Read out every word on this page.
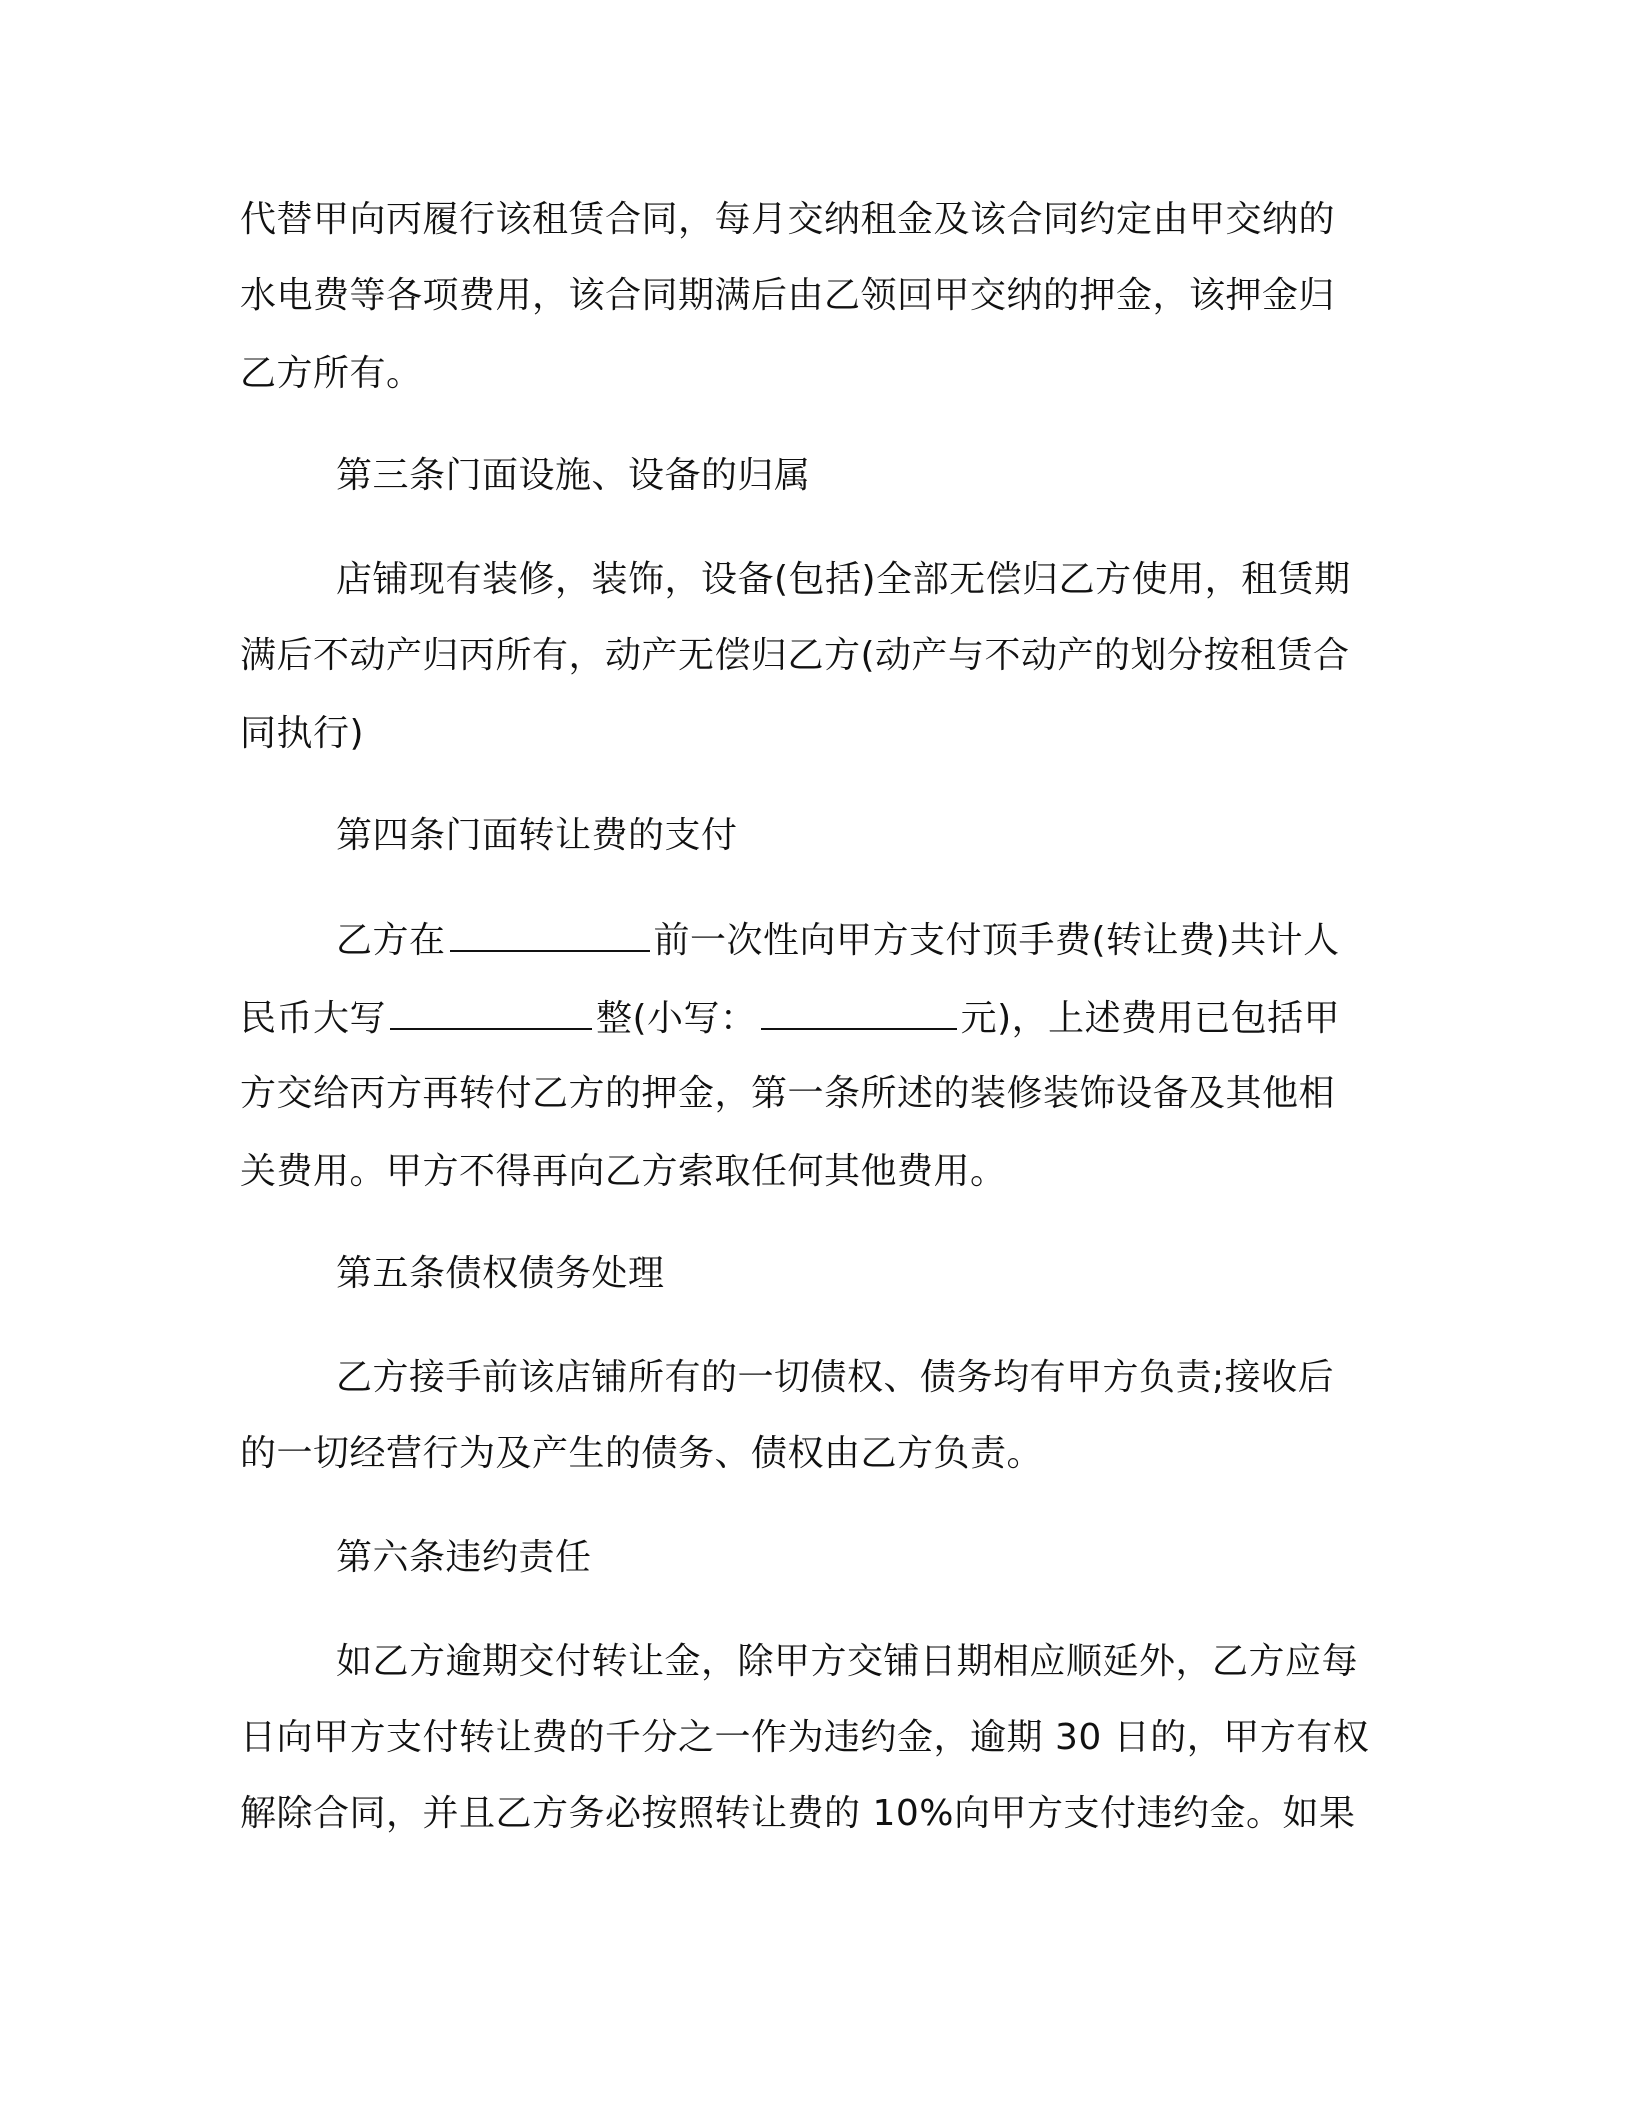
代替甲向丙履行该租赁合同，每月交纳租金及该合同约定由甲交纳的

水电费等各项费用，该合同期满后由乙领回甲交纳的押金，该押金归

乙方所有。

第三条门面设施、设备的归属

店铺现有装修，装饰，设备(包括)全部无偿归乙方使用，租赁期

满后不动产归丙所有，动产无偿归乙方(动产与不动产的划分按租赁合

同执行)

第四条门面转让费的支付

乙方在	前一次性向甲方支付顶手费(转让费)共计人

民币大写	整(小写：	元)，上述费用已包括甲

方交给丙方再转付乙方的押金，第一条所述的装修装饰设备及其他相

关费用。甲方不得再向乙方索取任何其他费用。

第五条债权债务处理

乙方接手前该店铺所有的一切债权、债务均有甲方负责;接收后

的一切经营行为及产生的债务、债权由乙方负责。

第六条违约责任

如乙方逾期交付转让金，除甲方交铺日期相应顺延外，乙方应每

日向甲方支付转让费的千分之一作为违约金，逾期 30 日的，甲方有权

解除合同，并且乙方务必按照转让费的 10%向甲方支付违约金。如果
